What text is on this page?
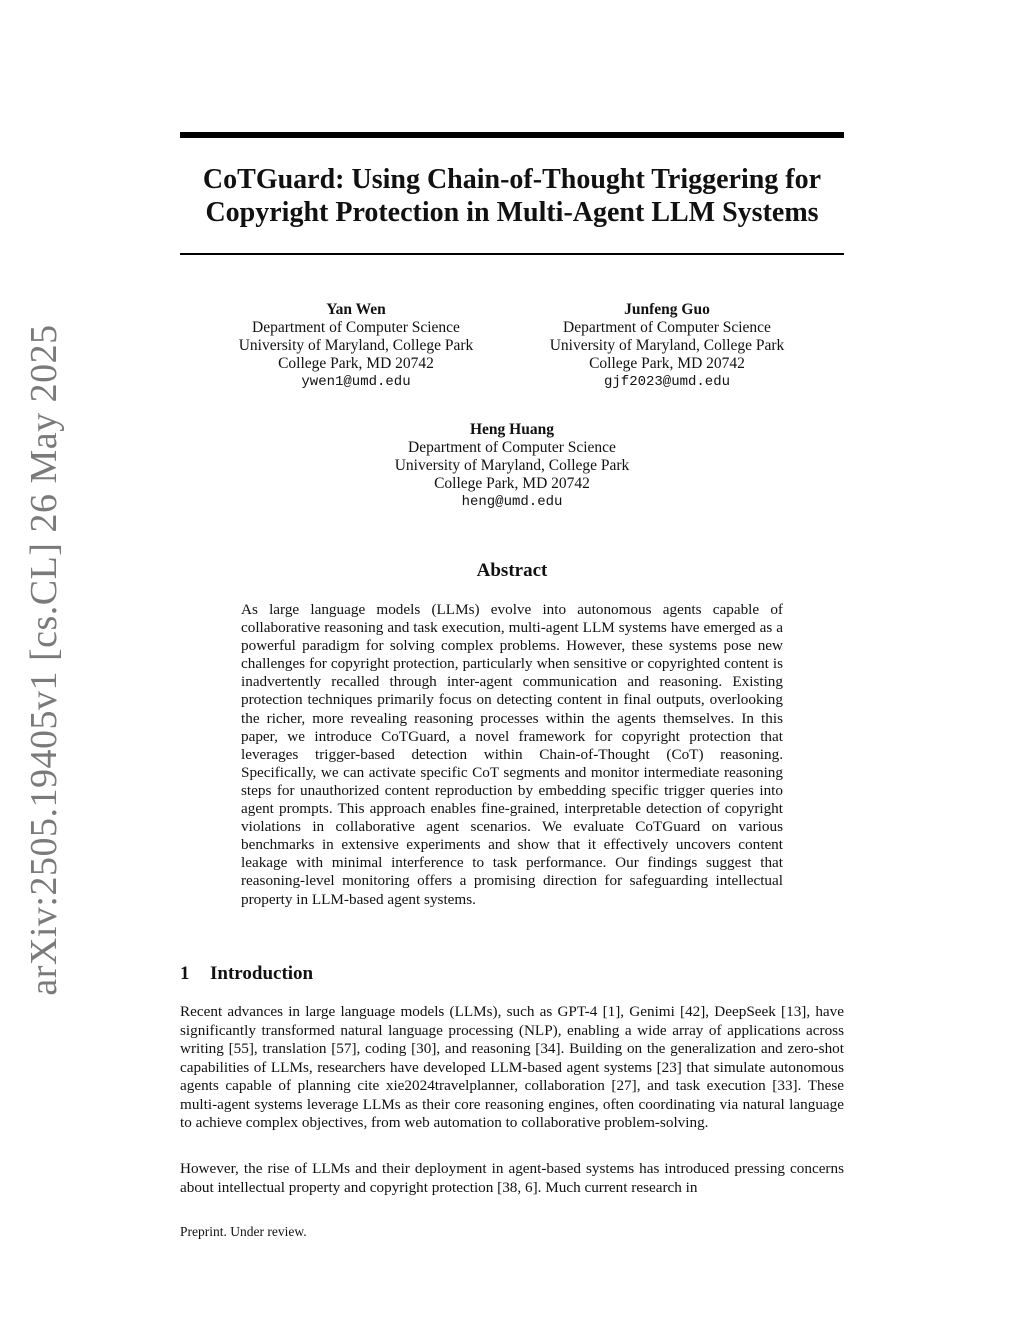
arXiv:2505.19405v1 [cs.CL] 26 May 2025
CoTGuard: Using Chain-of-Thought Triggering for
Copyright Protection in Multi-Agent LLM Systems
Yan Wen
Department of Computer Science
University of Maryland, College Park
College Park, MD 20742
ywen1@umd.edu
Junfeng Guo
Department of Computer Science
University of Maryland, College Park
College Park, MD 20742
gjf2023@umd.edu
Heng Huang
Department of Computer Science
University of Maryland, College Park
College Park, MD 20742
heng@umd.edu
Abstract
As large language models (LLMs) evolve into autonomous agents capable of collaborative reasoning and task execution, multi-agent LLM systems have emerged as a powerful paradigm for solving complex problems. However, these systems pose new challenges for copyright protection, particularly when sensitive or copyrighted content is inadvertently recalled through inter-agent communication and reasoning. Existing protection techniques primarily focus on detecting content in final outputs, overlooking the richer, more revealing reasoning processes within the agents themselves. In this paper, we introduce CoTGuard, a novel framework for copyright protection that leverages trigger-based detection within Chain-of-Thought (CoT) reasoning. Specifically, we can activate specific CoT segments and monitor intermediate reasoning steps for unauthorized content reproduction by embedding specific trigger queries into agent prompts. This approach enables fine-grained, interpretable detection of copyright violations in collaborative agent scenarios. We evaluate CoTGuard on various benchmarks in extensive experiments and show that it effectively uncovers content leakage with minimal interference to task performance. Our findings suggest that reasoning-level monitoring offers a promising direction for safeguarding intellectual property in LLM-based agent systems.
1 Introduction
Recent advances in large language models (LLMs), such as GPT-4 [1], Genimi [42], DeepSeek [13], have significantly transformed natural language processing (NLP), enabling a wide array of applications across writing [55], translation [57], coding [30], and reasoning [34]. Building on the generalization and zero-shot capabilities of LLMs, researchers have developed LLM-based agent systems [23] that simulate autonomous agents capable of planning cite xie2024travelplanner, collaboration [27], and task execution [33]. These multi-agent systems leverage LLMs as their core reasoning engines, often coordinating via natural language to achieve complex objectives, from web automation to collaborative problem-solving.
However, the rise of LLMs and their deployment in agent-based systems has introduced pressing concerns about intellectual property and copyright protection [38, 6]. Much current research in
Preprint. Under review.
